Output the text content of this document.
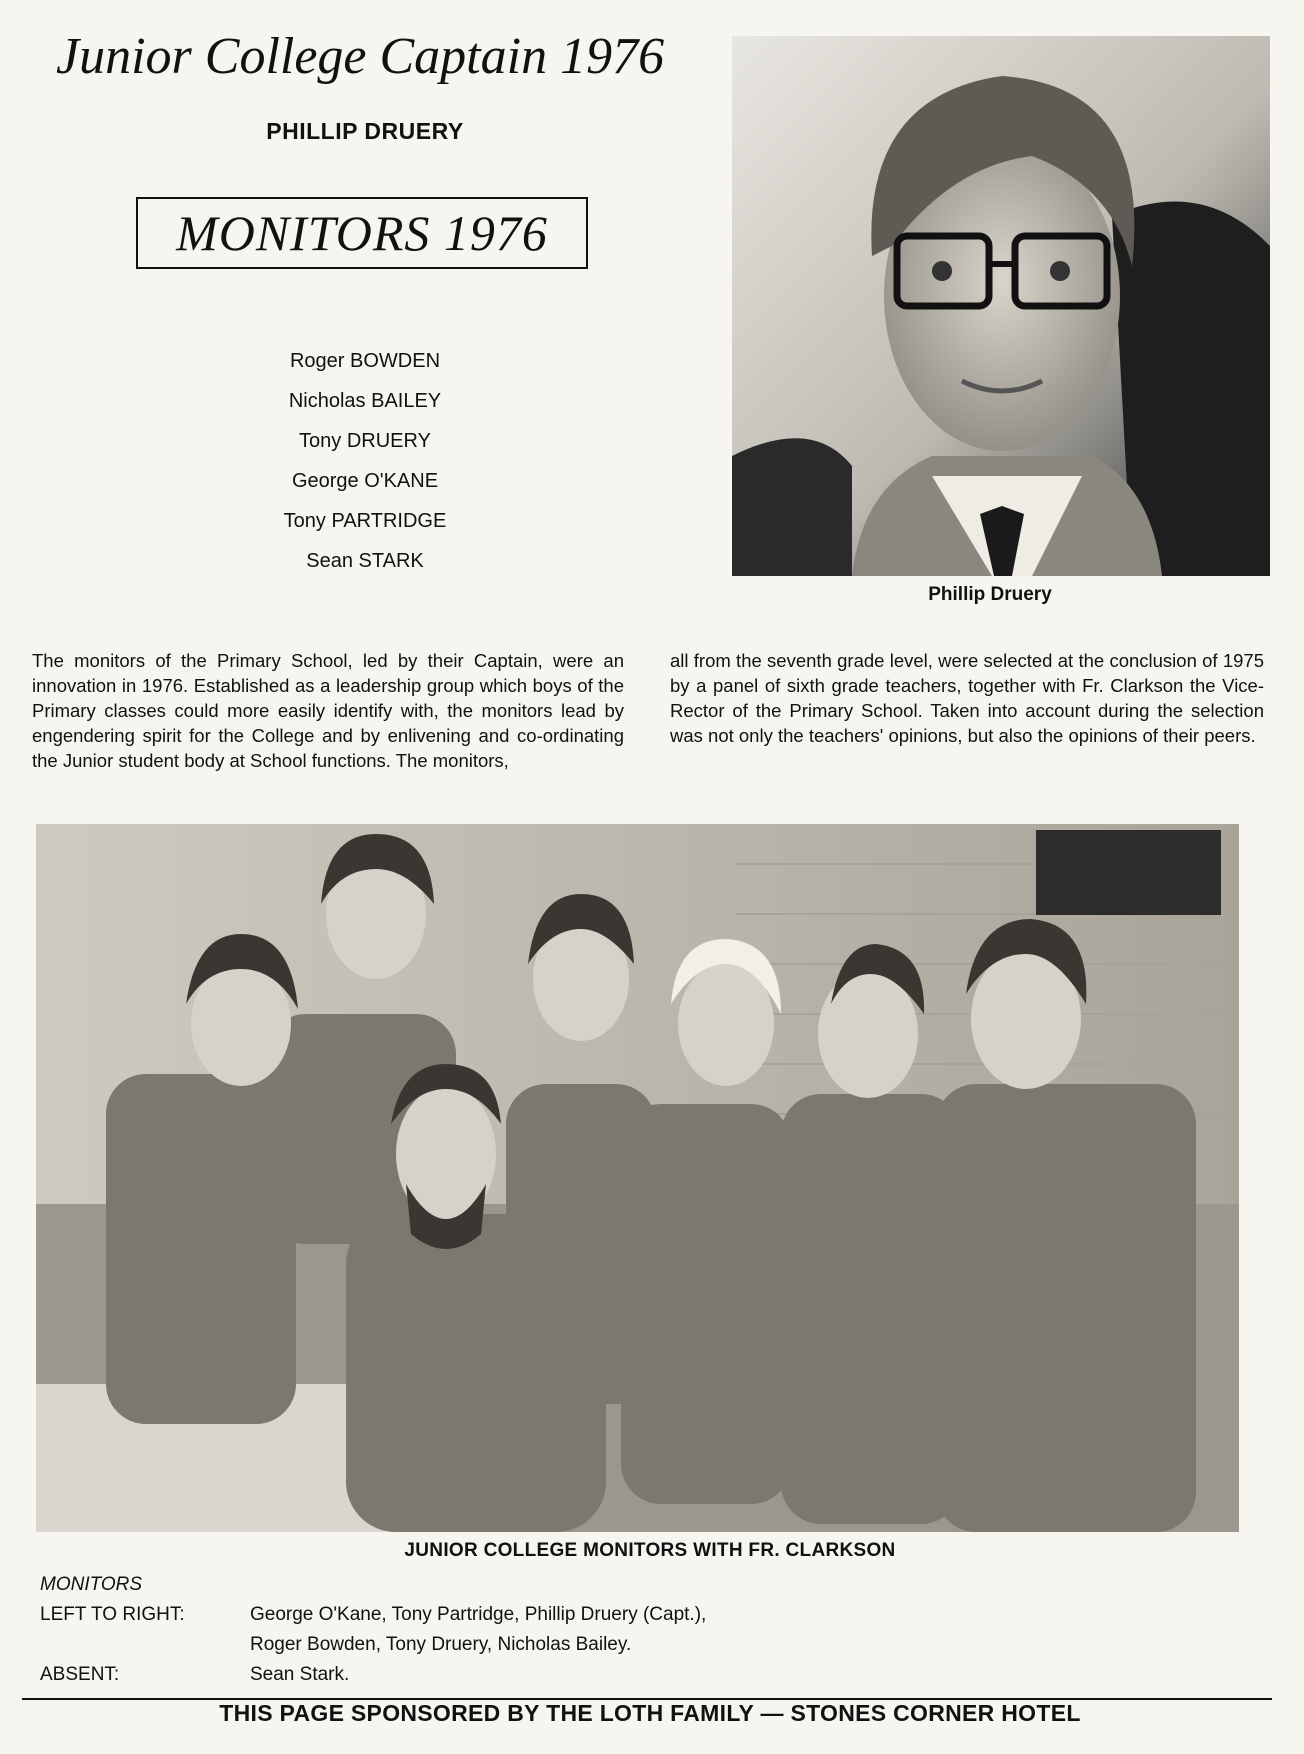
Junior College Captain 1976
PHILLIP DRUERY
MONITORS 1976
Roger BOWDEN
Nicholas BAILEY
Tony DRUERY
George O'KANE
Tony PARTRIDGE
Sean STARK
Phillip Druery
The monitors of the Primary School, led by their Captain, were an innovation in 1976. Established as a leadership group which boys of the Primary classes could more easily identify with, the monitors lead by engendering spirit for the College and by enlivening and co-ordinating the Junior student body at School functions. The monitors,
all from the seventh grade level, were selected at the conclusion of 1975 by a panel of sixth grade teachers, together with Fr. Clarkson the Vice-Rector of the Primary School. Taken into account during the selection was not only the teachers' opinions, but also the opinions of their peers.
JUNIOR COLLEGE MONITORS WITH FR. CLARKSON
MONITORS
LEFT TO RIGHT:	George O'Kane, Tony Partridge, Phillip Druery (Capt.),
Roger Bowden, Tony Druery, Nicholas Bailey.
ABSENT:	Sean Stark.
THIS PAGE SPONSORED BY THE LOTH FAMILY — STONES CORNER HOTEL
